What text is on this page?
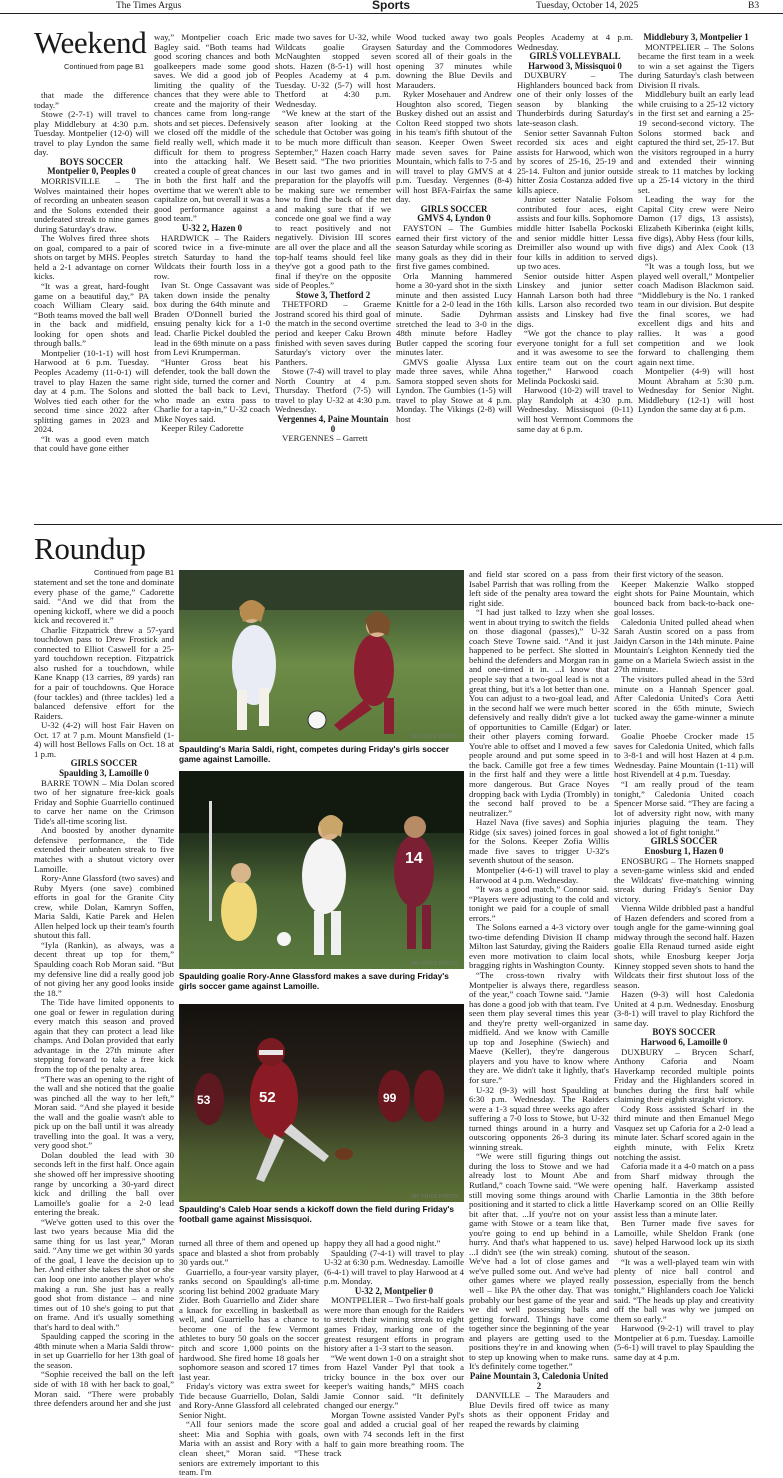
The Times Argus	Sports	Tuesday, October 14, 2025	B3
Weekend
Continued from page B1

that made the difference today.”

Stowe (2-7-1) will travel to play Middlebury at 4:30 p.m. Tuesday. Montpelier (12-0) will travel to play Lyndon the same day.

BOYS SOCCER

Montpelier 0, Peoples 0

MORRISVILLE – The Wolves maintained their hopes of recording an unbeaten season and the Solons extended their undefeated streak to nine games during Saturday's draw.

The Wolves fired three shots on goal, compared to a pair of shots on target by MHS. Peoples held a 2-1 advantage on corner kicks.

“It was a great, hard-fought game on a beautiful day,” PA coach William Cleary said. “Both teams moved the ball well in the back and midfield, looking for open shots and through balls.”

Montpelier (10-1-1) will host Harwood at 6 p.m. Tuesday. Peoples Academy (11-0-1) will travel to play Hazen the same day at 4 p.m. The Solons and Wolves tied each other for the second time since 2022 after splitting games in 2023 and 2024.

“It was a good even match that could have gone either

way,” Montpelier coach Eric Bagley said. “Both teams had good scoring chances and both goalkeepers made some good saves. We did a good job of limiting the quality of the chances that they were able to create and the majority of their chances came from long-range shots and set pieces. Defensively we closed off the middle of the field really well, which made it difficult for them to progress into the attacking half. We created a couple of great chances in both the first half and the overtime that we weren't able to capitalize on, but overall it was a good performance against a good team.”

U-32 2, Hazen 0

HARDWICK – The Raiders scored twice in a five-minute stretch Saturday to hand the Wildcats their fourth loss in a row.

Ivan St. Onge Cassavant was taken down inside the penalty box during the 64th minute and Braden O'Donnell buried the ensuing penalty kick for a 1-0 lead. Charlie Pickel doubled the lead in the 69th minute on a pass from Levi Krumperman.

“Hunter Gross beat his defender, took the ball down the right side, turned the corner and slotted the ball back to Levi, who made an extra pass to Charlie for a tap-in,” U-32 coach Mike Noyes said.

Keeper Riley Cadorette

made two saves for U-32, while Wildcats goalie Graysen McNaughten stopped seven shots. Hazen (8-5-1) will host Peoples Academy at 4 p.m. Tuesday. U-32 (5-7) will host Thetford at 4:30 p.m. Wednesday.

“We knew at the start of the season after looking at the schedule that October was going to be much more difficult than September,” Hazen coach Harry Besett said. “The two priorities in our last two games and in preparation for the playoffs will be making sure we remember how to find the back of the net and making sure that if we concede one goal we find a way to react positively and not negatively. Division III scores are all over the place and all the top-half teams should feel like they've got a good path to the final if they're on the opposite side of Peoples.”

Stowe 3, Thetford 2

THETFORD – Graeme Jostrand scored his third goal of the match in the second overtime period and keeper Caku Brown finished with seven saves during Saturday's victory over the Panthers.

Stowe (7-4) will travel to play North Country at 4 p.m. Thursday. Thetford (7-5) will travel to play U-32 at 4:30 p.m. Wednesday.

Vergennes 4, Paine Mountain 0

VERGENNES – Garrett

Wood tucked away two goals Saturday and the Commodores scored all of their goals in the opening 37 minutes while downing the Blue Devils and Marauders.

Ryker Mosehauer and Andrew Houghton also scored, Tiegen Buskey dished out an assist and Colton Reed stopped two shots in his team's fifth shutout of the season. Keeper Owen Sweet made seven saves for Paine Mountain, which falls to 7-5 and will travel to play GMVS at 4 p.m. Tuesday. Vergennes (8-4) will host BFA-Fairfax the same day.

GIRLS SOCCER

GMVS 4, Lyndon 0

FAYSTON – The Gumbies earned their first victory of the season Saturday while scoring as many goals as they did in their first five games combined.

Orla Manning hammered home a 30-yard shot in the sixth minute and then assisted Lucy Knittle for a 2-0 lead in the 16th minute. Sadie Dyhrman stretched the lead to 3-0 in the 48th minute before Hadley Butler capped the scoring four minutes later.

GMVS goalie Alyssa Lux made three saves, while Ahna Samora stopped seven shots for Lyndon. The Gumbies (1-5) will travel to play Stowe at 4 p.m. Monday. The Vikings (2-8) will host

Peoples Academy at 4 p.m. Wednesday.

GIRLS VOLLEYBALL

Harwood 3, Missisquoi 0

DUXBURY – The Highlanders bounced back from one of their only losses of the season by blanking the Thunderbirds during Saturday's late-season clash.

Senior setter Savannah Fulton recorded six aces and eight assists for Harwood, which won by scores of 25-16, 25-19 and 25-14. Fulton and junior outside hitter Zosia Costanza added five kills apiece.

Junior setter Natalie Folsom contributed four aces, eight assists and four kills. Sophomore middle hitter Isabella Pockoski and senior middle hitter Lessa Dreimiller also wound up with four kills in addition to served up two aces.

Senior outside hitter Aspen Linskey and junior setter Hannah Larson both had three kills. Larson also recorded two assists and Linskey had five digs.

“We got the chance to play everyone tonight for a full set and it was awesome to see the entire team out on the court together,” Harwood coach Melinda Pockoski said.

Harwood (10-2) will travel to play Randolph at 4:30 p.m. Wednesday. Missisquoi (0-11) will host Vermont Commons the same day at 6 p.m.

Middlebury 3, Montpelier 1

MONTPELIER – The Solons became the first team in a week to win a set against the Tigers during Saturday's clash between Division II rivals.

Middlebury built an early lead while cruising to a 25-12 victory in the first set and earning a 25-19 second-second victory. The Solons stormed back and captured the third set, 25-17. But the visitors regrouped in a hurry and extended their winning streak to 11 matches by locking up a 25-14 victory in the third set.

Leading the way for the Capital City crew were Neiro Damon (17 digs, 13 assists), Elizabeth Kiberinka (eight kills, five digs), Abby Hess (four kills, five digs) and Alex Cook (13 digs).

“It was a tough loss, but we played well overall,” Montpelier coach Madison Blackmon said. “Middlebury is the No. 1 ranked team in our division. But despite the final scores, we had excellent digs and hits and rallies. It was a good competition and we look forward to challenging them again next time.

Montpelier (4-9) will host Mount Abraham at 5:30 p.m. Wednesday for Senior Night. Middlebury (12-1) will host Lyndon the same day at 6 p.m.

Roundup
Continued from page B1

statement and set the tone and dominate every phase of the game,” Cadorette said. “And we did that from the opening kickoff, where we did a pooch kick and recovered it.”

Charlie Fitzpatrick threw a 57-yard touchdown pass to Drew Frostick and connected to Elliot Caswell for a 25-yard touchdown reception. Fitzpatrick also rushed for a touchdown, while Kane Knapp (13 carries, 89 yards) ran for a pair of touchdowns. Que Horace (four tackles) and (three tackles) led a balanced defensive effort for the Raiders.

U-32 (4-2) will host Fair Haven on Oct. 17 at 7 p.m. Mount Mansfield (1-4) will host Bellows Falls on Oct. 18 at 1 p.m.

GIRLS SOCCER

Spaulding 3, Lamoille 0

BARRE TOWN – Mia Dolan scored two of her signature free-kick goals Friday and Sophie Guarriello continued to carve her name on the Crimson Tide's all-time scoring list.

And boosted by another dynamite defensive performance, the Tide extended their unbeaten streak to five matches with a shutout victory over Lamoille.

Rory-Anne Glassford (two saves) and Ruby Myers (one save) combined efforts in goal for the Granite City crew, while Dolan, Kamryn Soffen, Maria Saldi, Katie Parek and Helen Allen helped lock up their team's fourth shutout this fall.

“Iyla (Rankin), as always, was a decent threat up top for them,” Spaulding coach Rob Moran said. “But my defensive line did a really good job of not giving her any good looks inside the 18.”

The Tide have limited opponents to one goal or fewer in regulation during every match this season and proved again that they can protect a lead like champs. And Dolan provided that early advantage in the 27th minute after stepping forward to take a free kick from the top of the penalty area.

“There was an opening to the right of the wall and she noticed that the goalie was pinched all the way to her left,” Moran said. “And she played it beside the wall and the goalie wasn't able to pick up on the ball until it was already travelling into the goal. It was a very, very good shot.”

Dolan doubled the lead with 30 seconds left in the first half. Once again she showed off her impressive shooting range by uncorking a 30-yard direct kick and drilling the ball over Lamoille's goalie for a 2-0 lead entering the break.

“We've gotten used to this over the last two years because Mia did the same thing for us last year,” Moran said. “Any time we get within 30 yards of the goal, I leave the decision up to her. And either she takes the shot or she can loop one into another player who's making a run. She just has a really good shot from distance – and nine times out of 10 she's going to put that on frame. And it's usually something that's hard to deal with.”

Spaulding capped the scoring in the 48th minute when a Maria Saldi throw-in set up Guarriello for her 13th goal of the season.

“Sophie received the ball on the left side of with 18 with her back to goal,” Moran said. “There were probably three defenders around her and she just

JAY FRITZ PHOTO
Spaulding's Maria Saldi, right, competes during Friday's girls soccer game against Lamoille.
14
JAY FRITZ PHOTO
Spaulding goalie Rory-Anne Glassford makes a save during Friday's girls soccer game against Lamoille.
52	99
53
JAY FRITZ PHOTO
Spaulding's Caleb Hoar sends a kickoff down the field during Friday's football game against Missisquoi.

turned all three of them and opened up space and blasted a shot from probably 30 yards out.”

Guarriello, a four-year varsity player, ranks second on Spaulding's all-time scoring list behind 2002 graduate Mary Zider. Both Guarriello and Zider share a knack for excelling in basketball as well, and Guarriello has a chance to become one of the few Vermont athletes to bury 50 goals on the soccer pitch and score 1,000 points on the hardwood. She fired home 18 goals her sophomore season and scored 17 times last year.

Friday's victory was extra sweet for Tide because Guarriello, Dolan, Saldi and Rory-Anne Glassford all celebrated Senior Night.

“All four seniors made the score sheet: Mia and Sophia with goals, Maria with an assist and Rory with a clean sheet,” Moran said. “These seniors are extremely important to this team. I'm

happy they all had a good night.”

Spaulding (7-4-1) will travel to play U-32 at 6:30 p.m. Wednesday. Lamoille (6-4-1) will travel to play Harwood at 4 p.m. Monday.

U-32 2, Montpelier 0

MONTPELIER – Two first-half goals were more than enough for the Raiders to stretch their winning streak to eight games Friday, marking one of the greatest resurgent efforts in program history after a 1-3 start to the season.

“We went down 1-0 on a straight shot from Hazel Vander Pyl that took a tricky bounce in the box over our keeper's waiting hands,” MHS coach Jamie Connor said. “It definitely changed our energy.”

Morgan Towne assisted Vander Pyl's goal and added a crucial goal of her own with 74 seconds left in the first half to gain more breathing room. The track

and field star scored on a pass from Isabel Parrish that was rolling from the left side of the penalty area toward the right side.

“I had just talked to Izzy when she went in about trying to switch the fields on those diagonal (passes),” U-32 coach Steve Towne said. “And it just happened to be perfect. She slotted in behind the defenders and Morgan ran in and one-timed it in. ...I know that people say that a two-goal lead is not a great thing, but it's a lot better than one. You can adjust to a two-goal lead, and in the second half we were much better defensively and really didn't give a lot of opportunities to Camille (Edgar) or their other players coming forward. You're able to offset and I moved a few people around and put some speed in the back. Camille got free a few times in the first half and they were a little more dangerous. But Grace Noyes dropping back with Lydia (Trombly) in the second half proved to be a neutralizer.”

Hazel Nava (five saves) and Sophia Ridge (six saves) joined forces in goal for the Solons. Keeper Zofia Willis made five saves to trigger U-32's seventh shutout of the season.

Montpelier (4-6-1) will travel to play Harwood at 4 p.m. Wednesday.

“It was a good match,” Connor said. “Players were adjusting to the cold and tonight we paid for a couple of small errors.”

The Solons earned a 4-3 victory over two-time defending Division II champ Milton last Saturday, giving the Raiders even more motivation to claim local bragging rights in Washington County.

“The cross-town rivalry with Montpelier is always there, regardless of the year,” coach Towne said. “Jamie has done a good job with that team. I've seen them play several times this year and they're pretty well-organized in midfield. And we know with Camille up top and Josephine (Swiech) and Maeve (Keller), they're dangerous players and you have to know where they are. We didn't take it lightly, that's for sure.”

U-32 (9-3) will host Spaulding at 6:30 p.m. Wednesday. The Raiders were a 1-3 squad three weeks ago after suffering a 7-0 loss to Stowe, but U-32 turned things around in a hurry and outscoring opponents 26-3 during its winning streak.

“We were still figuring things out during the loss to Stowe and we had already lost to Mount Abe and Rutland,” coach Towne said. “We were still moving some things around with positioning and it started to click a little bit after that. ...If you're not on your game with Stowe or a team like that, you're going to end up behind in a hurry. And that's what happened to us. ...I didn't see (the win streak) coming. We've had a lot of close games and we've pulled some out. And we've had other games where we played really well – like PA the other day. That was probably our best game of the year and we did well possessing balls and getting forward. Things have come together since the beginning of the year and players are getting used to the positions they're in and knowing when to step up knowing when to make runs. It's definitely come together.”

Paine Mountain 3, Caledonia United 2

DANVILLE – The Marauders and Blue Devils fired off twice as many shots as their opponent Friday and reaped the rewards by claiming

their first victory of the season.

Keeper Makenzie Walko stopped eight shots for Paine Mountain, which bounced back from back-to-back one-goal losses.

Caledonia United pulled ahead when Sarah Austin scored on a pass from Jaidyn Carson in the 14th minute. Paine Mountain's Leighton Kennedy tied the game on a Mariela Swiech assist in the 27th minute.

The visitors pulled ahead in the 53rd minute on a Hannah Spencer goal. After Caledonia United's Cora Aetti scored in the 65th minute, Swiech tucked away the game-winner a minute later.

Goalie Phoebe Crocker made 15 saves for Caledonia United, which falls to 3-8-1 and will host Hazen at 4 p.m. Wednesday. Paine Mountain (1-11) will host Rivendell at 4 p.m. Tuesday.

“I am really proud of the team tonight,” Caledonia United coach Spencer Morse said. “They are facing a lot of adversity right now, with many injuries plaguing the team. They showed a lot of fight tonight.”

GIRLS SOCCER

Enosburg 1, Hazen 0

ENOSBURG – The Hornets snapped a seven-game winless skid and ended the Wildcats' five-matching winning streak during Friday's Senior Day victory.

Vienna Wilde dribbled past a handful of Hazen defenders and scored from a tough angle for the game-winning goal midway through the second half. Hazen goalie Ella Renaud turned aside eight shots, while Enosburg keeper Jorja Kinney stopped seven shots to hand the Wildcats their first shutout loss of the season.

Hazen (9-3) will host Caledonia United at 4 p.m. Wednesday. Enosburg (3-8-1) will travel to play Richford the same day.

BOYS SOCCER

Harwood 6, Lamoille 0

DUXBURY – Brycen Scharf, Anthony Caforia and Noam Haverkamp recorded multiple points Friday and the Highlanders scored in bunches during the first half while claiming their eighth straight victory.

Cody Ross assisted Scharf in the third minute and then Emanuel Mego Vasquez set up Caforia for a 2-0 lead a minute later. Scharf scored again in the eighth minute, with Felix Kretz notching the assist.

Caforia made it a 4-0 match on a pass from Sharf midway through the opening half. Haverkamp assisted Charlie Lamontia in the 38th before Haverkamp scored on an Ollie Reilly assist less than a minute later.

Ben Turner made five saves for Lamoille, while Sheldon Frank (one save) helped Harwood lock up its sixth shutout of the season.

“It was a well-played team win with plenty of nice ball control and possession, especially from the bench tonight,” Highlanders coach Joe Yalicki said. “The heads up play and creativity off the ball was why we jumped on them so early.”

Harwood (9-2-1) will travel to play Montpelier at 6 p.m. Tuesday. Lamoille (5-6-1) will travel to play Spaulding the same day at 4 p.m.
